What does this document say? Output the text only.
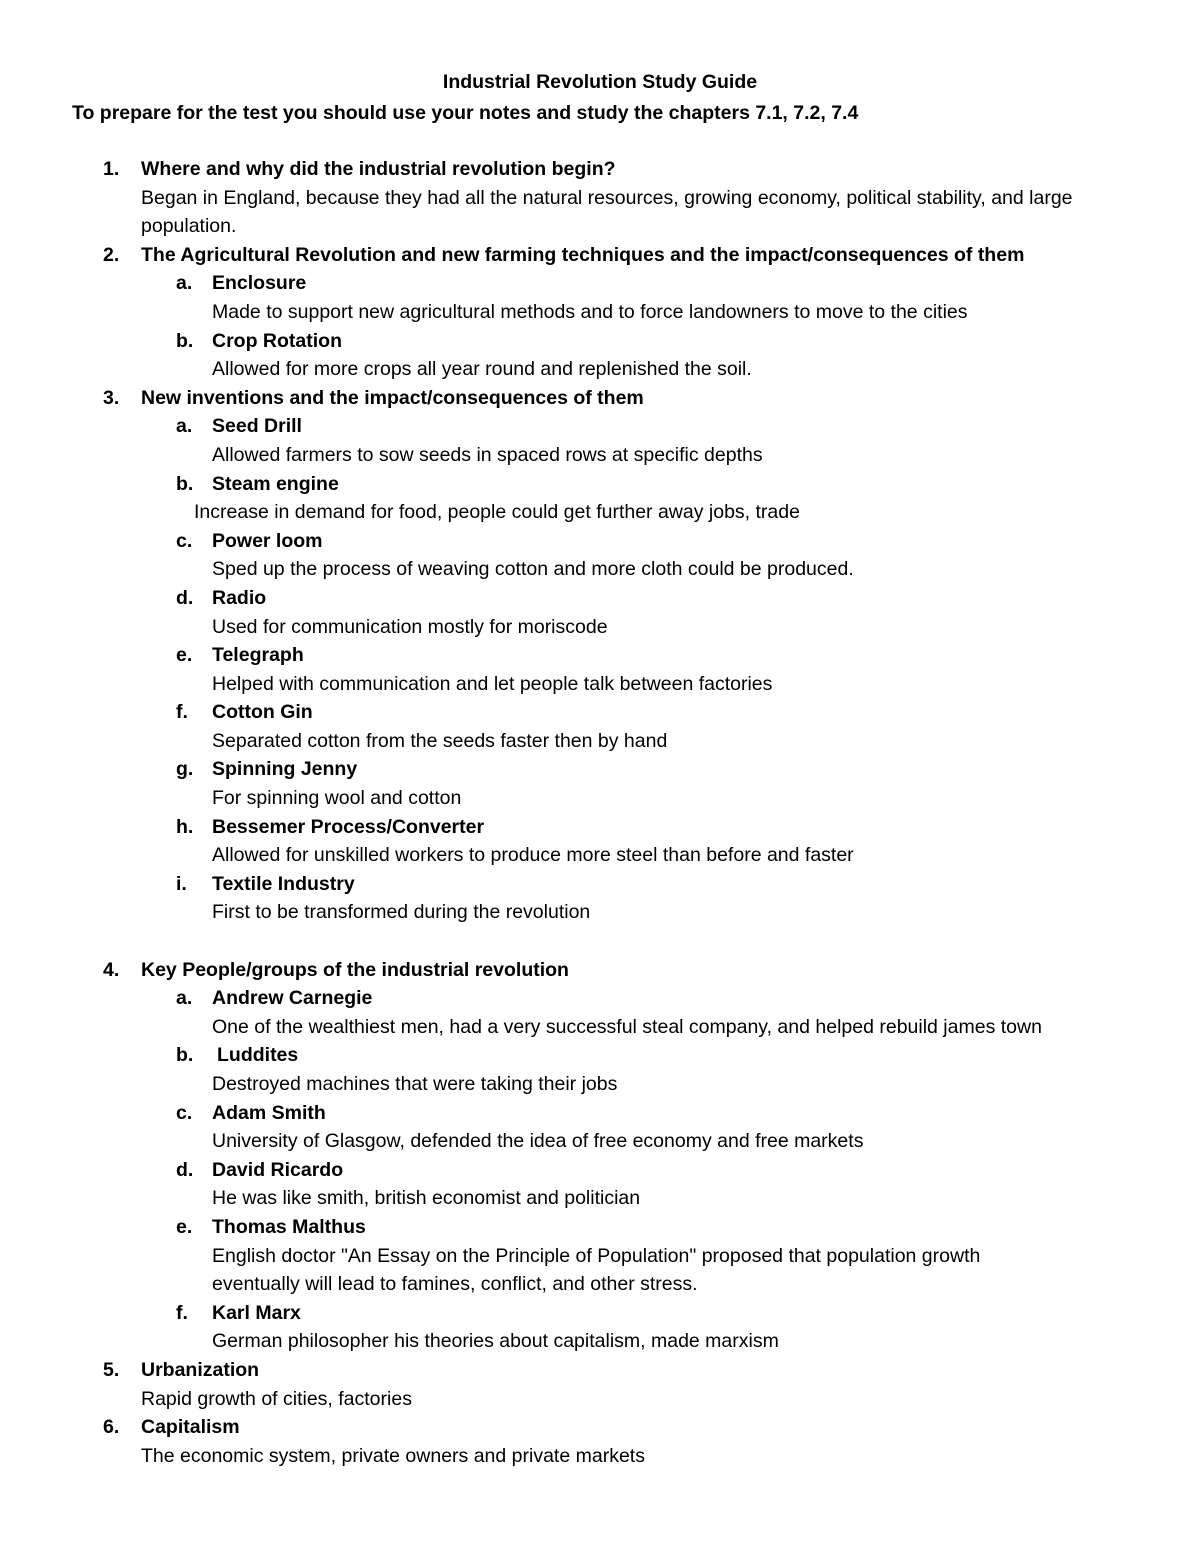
Industrial Revolution Study Guide
To prepare for the test you should use your notes and study the chapters 7.1, 7.2, 7.4
1. Where and why did the industrial revolution begin?
Began in England, because they had all the natural resources, growing economy, political stability, and large population.
2. The Agricultural Revolution and new farming techniques and the impact/consequences of them
a. Enclosure
Made to support new agricultural methods and to force landowners to move to the cities
b. Crop Rotation
Allowed for more crops all year round and replenished the soil.
3. New inventions and the impact/consequences of them
a. Seed Drill
Allowed farmers to sow seeds in spaced rows at specific depths
b. Steam engine
Increase in demand for food, people could get further away jobs, trade
c. Power loom
Sped up the process of weaving cotton and more cloth could be produced.
d. Radio
Used for communication mostly for moriscode
e. Telegraph
Helped with communication and let people talk between factories
f. Cotton Gin
Separated cotton from the seeds faster then by hand
g. Spinning Jenny
For spinning wool and cotton
h. Bessemer Process/Converter
Allowed for unskilled workers to produce more steel than before and faster
i. Textile Industry
First to be transformed during the revolution
4. Key People/groups of the industrial revolution
a. Andrew Carnegie
One of the wealthiest men, had a very successful steal company, and helped rebuild james town
b. Luddites
Destroyed machines that were taking their jobs
c. Adam Smith
University of Glasgow, defended the idea of free economy and free markets
d. David Ricardo
He was like smith, british economist and politician
e. Thomas Malthus
English doctor "An Essay on the Principle of Population" proposed that population growth eventually will lead to famines, conflict, and other stress.
f. Karl Marx
German philosopher his theories about capitalism, made marxism
5. Urbanization
Rapid growth of cities, factories
6. Capitalism
The economic system, private owners and private markets
